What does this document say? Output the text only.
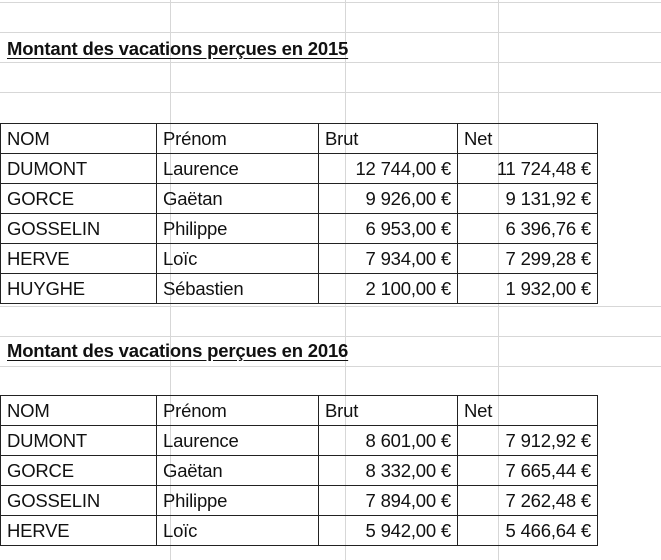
Montant des vacations perçues en 2015
NOM	Prénom	Brut	Net
DUMONT	Laurence	12 744,00 €	11 724,48 €
GORCE	Gaëtan	9 926,00 €	9 131,92 €
GOSSELIN	Philippe	6 953,00 €	6 396,76 €
HERVE	Loïc	7 934,00 €	7 299,28 €
HUYGHE	Sébastien	2 100,00 €	1 932,00 €
Montant des vacations perçues en 2016
NOM	Prénom	Brut	Net
DUMONT	Laurence	8 601,00 €	7 912,92 €
GORCE	Gaëtan	8 332,00 €	7 665,44 €
GOSSELIN	Philippe	7 894,00 €	7 262,48 €
HERVE	Loïc	5 942,00 €	5 466,64 €
